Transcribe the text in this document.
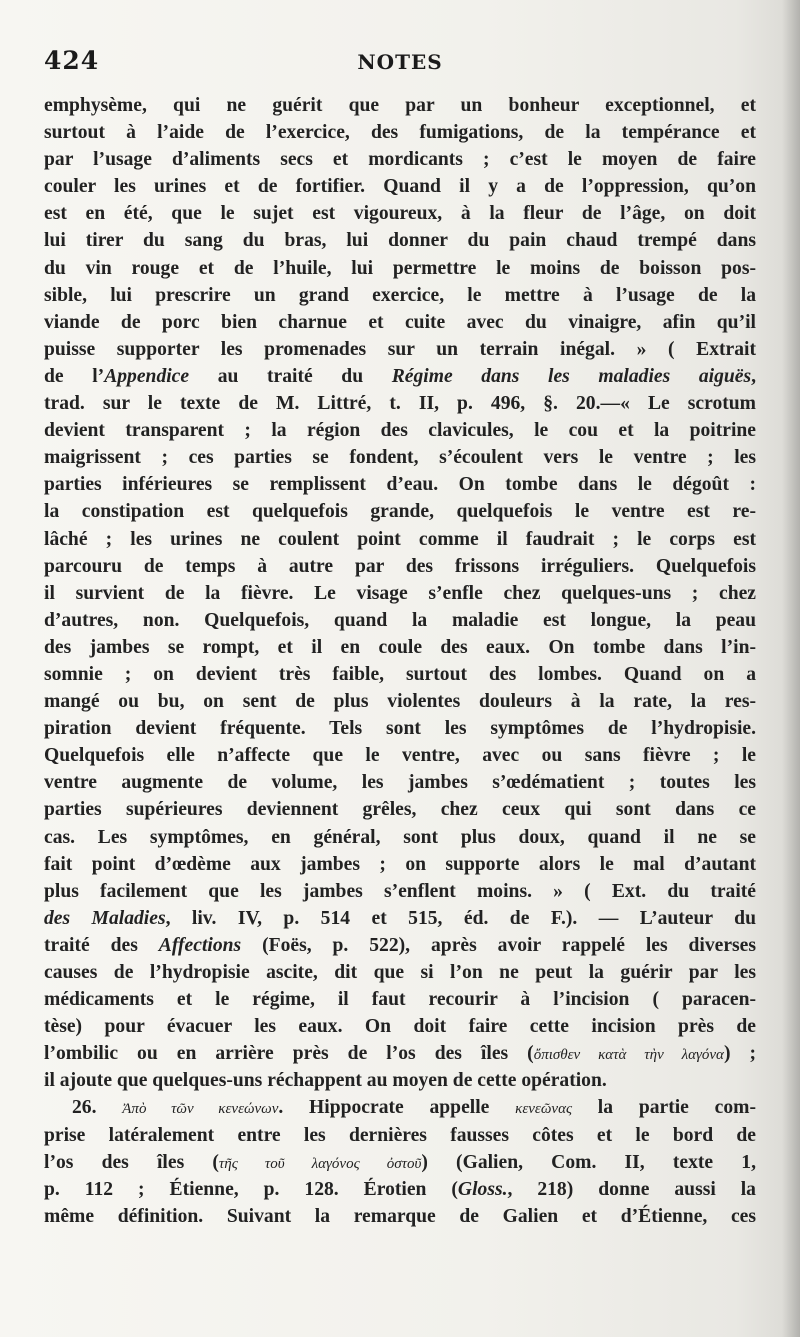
424	NOTES
emphysème, qui ne guérit que par un bonheur exceptionnel, et
surtout à l’aide de l’exercice, des fumigations, de la tempérance et
par l’usage d’aliments secs et mordicants ; c’est le moyen de faire
couler les urines et de fortifier. Quand il y a de l’oppression, qu’on
est en été, que le sujet est vigoureux, à la fleur de l’âge, on doit
lui tirer du sang du bras, lui donner du pain chaud trempé dans
du vin rouge et de l’huile, lui permettre le moins de boisson pos-
sible, lui prescrire un grand exercice, le mettre à l’usage de la
viande de porc bien charnue et cuite avec du vinaigre, afin qu’il
puisse supporter les promenades sur un terrain inégal. » ( Extrait
de l’Appendice au traité du Régime dans les maladies aiguës,
trad. sur le texte de M. Littré, t. II, p. 496, §. 20.—« Le scrotum
devient transparent ; la région des clavicules, le cou et la poitrine
maigrissent ; ces parties se fondent, s’écoulent vers le ventre ; les
parties inférieures se remplissent d’eau. On tombe dans le dégoût :
la constipation est quelquefois grande, quelquefois le ventre est re-
lâché ; les urines ne coulent point comme il faudrait ; le corps est
parcouru de temps à autre par des frissons irréguliers. Quelquefois
il survient de la fièvre. Le visage s’enfle chez quelques-uns ; chez
d’autres, non. Quelquefois, quand la maladie est longue, la peau
des jambes se rompt, et il en coule des eaux. On tombe dans l’in-
somnie ; on devient très faible, surtout des lombes. Quand on a
mangé ou bu, on sent de plus violentes douleurs à la rate, la res-
piration devient fréquente. Tels sont les symptômes de l’hydropisie.
Quelquefois elle n’affecte que le ventre, avec ou sans fièvre ; le
ventre augmente de volume, les jambes s’œdématient ; toutes les
parties supérieures deviennent grêles, chez ceux qui sont dans ce
cas. Les symptômes, en général, sont plus doux, quand il ne se
fait point d’œdème aux jambes ; on supporte alors le mal d’autant
plus facilement que les jambes s’enflent moins. » ( Ext. du traité
des Maladies, liv. IV, p. 514 et 515, éd. de F.). — L’auteur du
traité des Affections (Foës, p. 522), après avoir rappelé les diverses
causes de l’hydropisie ascite, dit que si l’on ne peut la guérir par les
médicaments et le régime, il faut recourir à l’incision ( paracen-
tèse) pour évacuer les eaux. On doit faire cette incision près de
l’ombilic ou en arrière près de l’os des îles (ὄπισθεν κατὰ τὴν λαγόνα) ;
il ajoute que quelques-uns réchappent au moyen de cette opération.
26. Ἀπὸ τῶν κενεώνων. Hippocrate appelle κενεῶνας la partie com-
prise latéralement entre les dernières fausses côtes et le bord de
l’os des îles (τῆς τοῦ λαγόνος ὀστοῦ) (Galien, Com. II, texte 1,
p. 112 ; Étienne, p. 128. Érotien (Gloss., 218) donne aussi la
même définition. Suivant la remarque de Galien et d’Étienne, ces
